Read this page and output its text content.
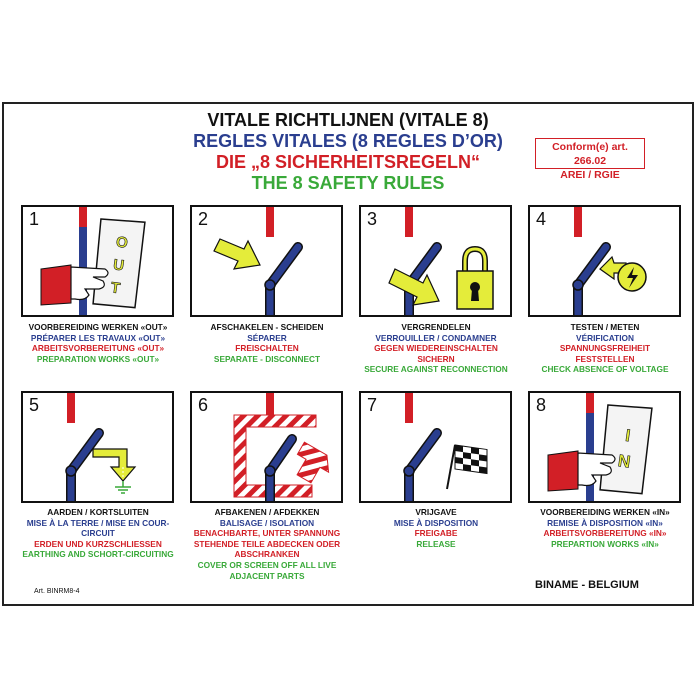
VITALE RICHTLIJNEN (VITALE 8)
REGLES VITALES (8 REGLES D’OR)
DIE „8 SICHERHEITSREGELN“
THE 8 SAFETY RULES
Conform(e) art. 266.02
AREI / RGIE
1
O
U
T
VOORBEREIDING WERKEN «OUT»
PRÉPARER LES TRAVAUX «OUT»
ARBEITSVORBEREITUNG «OUT»
PREPARATION WORKS «OUT»
2
AFSCHAKELEN - SCHEIDEN
SÉPARER
FREISCHALTEN
SEPARATE - DISCONNECT
3
VERGRENDELEN
VERROUILLER / CONDAMNER
GEGEN WIEDEREINSCHALTEN
SICHERN
SECURE AGAINST RECONNECTION
4
TESTEN / METEN
VÉRIFICATION
SPANNUNGSFREIHEIT
FESTSTELLEN
CHECK ABSENCE OF VOLTAGE
5
AARDEN / KORTSLUITEN
MISE À LA TERRE / MISE EN COUR-
CIRCUIT
ERDEN UND KURZSCHLIESSEN
EARTHING AND SCHORT-CIRCUITING
6
AFBAKENEN / AFDEKKEN
BALISAGE / ISOLATION
BENACHBARTE, UNTER SPANNUNG
STEHENDE TEILE ABDECKEN ODER
ABSCHRANKEN
COVER OR SCREEN OFF ALL LIVE
ADJACENT PARTS
7
VRIJGAVE
MISE À DISPOSITION
FREIGABE
RELEASE
8
I
N
VOORBEREIDING WERKEN «IN»
REMISE À DISPOSITION «IN»
ARBEITSVORBEREITUNG «IN»
PREPARTION WORKS «IN»
Art. BINRM8-4
BINAME - BELGIUM
